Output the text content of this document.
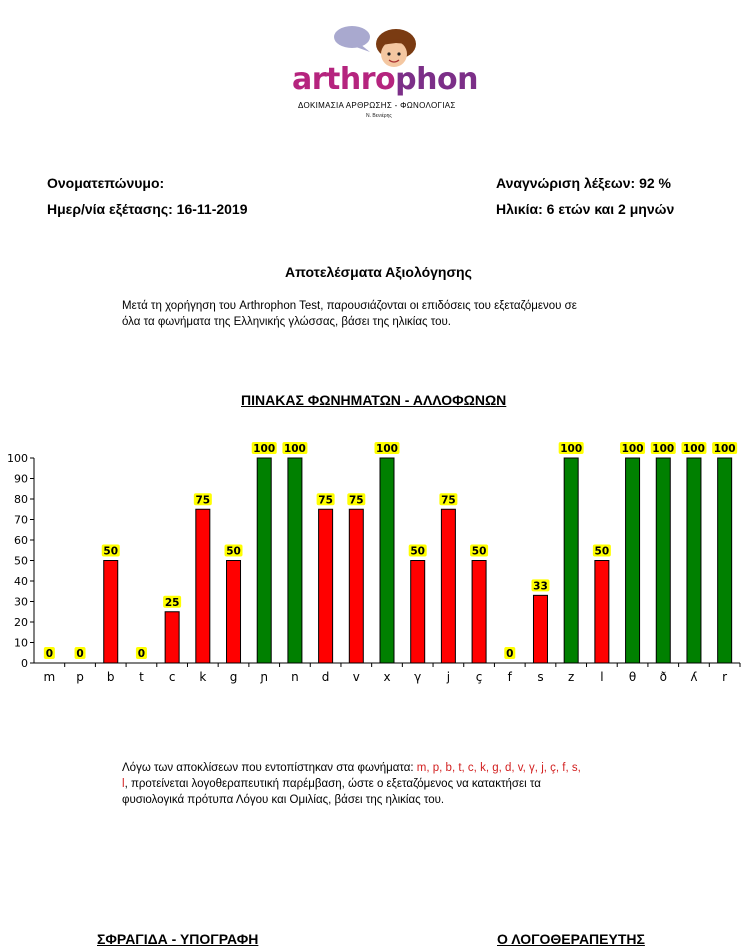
arthrophon
ΔΟΚΙΜΑΣΙΑ ΑΡΘΡΩΣΗΣ - ΦΩΝΟΛΟΓΙΑΣ
Ν. Βενιέρης
Ονοματεπώνυμο:
Ημερ/νία εξέτασης: 16-11-2019
Αναγνώριση λέξεων: 92 %
Ηλικία: 6 ετών και 2 μηνών
Αποτελέσματα Αξιολόγησης
Μετά τη χορήγηση του Arthrophon Test, παρουσιάζονται οι επιδόσεις του εξεταζόμενου σε
όλα τα φωνήματα της Ελληνικής γλώσσας, βάσει της ηλικίας του.
ΠΙΝΑΚΑΣ ΦΩΝΗΜΑΤΩΝ - ΑΛΛΟΦΩΝΩΝ
0
10
20
30
40
50
60
70
80
90
100
m
0
p
0
b
50
t
0
c
25
k
75
g
50
ɲ
100
n
100
d
75
v
75
x
100
γ
50
j
75
ç
50
f
0
s
33
z
100
l
50
θ
100
ð
100
ʎ
100
r
100
Λόγω των αποκλίσεων που εντοπίστηκαν στα φωνήματα: m, p, b, t, c, k, g, d, v, γ, j, ç, f, s,
l, προτείνεται λογοθεραπευτική παρέμβαση, ώστε ο εξεταζόμενος να κατακτήσει τα
φυσιολογικά πρότυπα Λόγου και Ομιλίας, βάσει της ηλικίας του.
ΣΦΡΑΓΙΔΑ - ΥΠΟΓΡΑΦΗ	Ο ΛΟΓΟΘΕΡΑΠΕΥΤΗΣ
